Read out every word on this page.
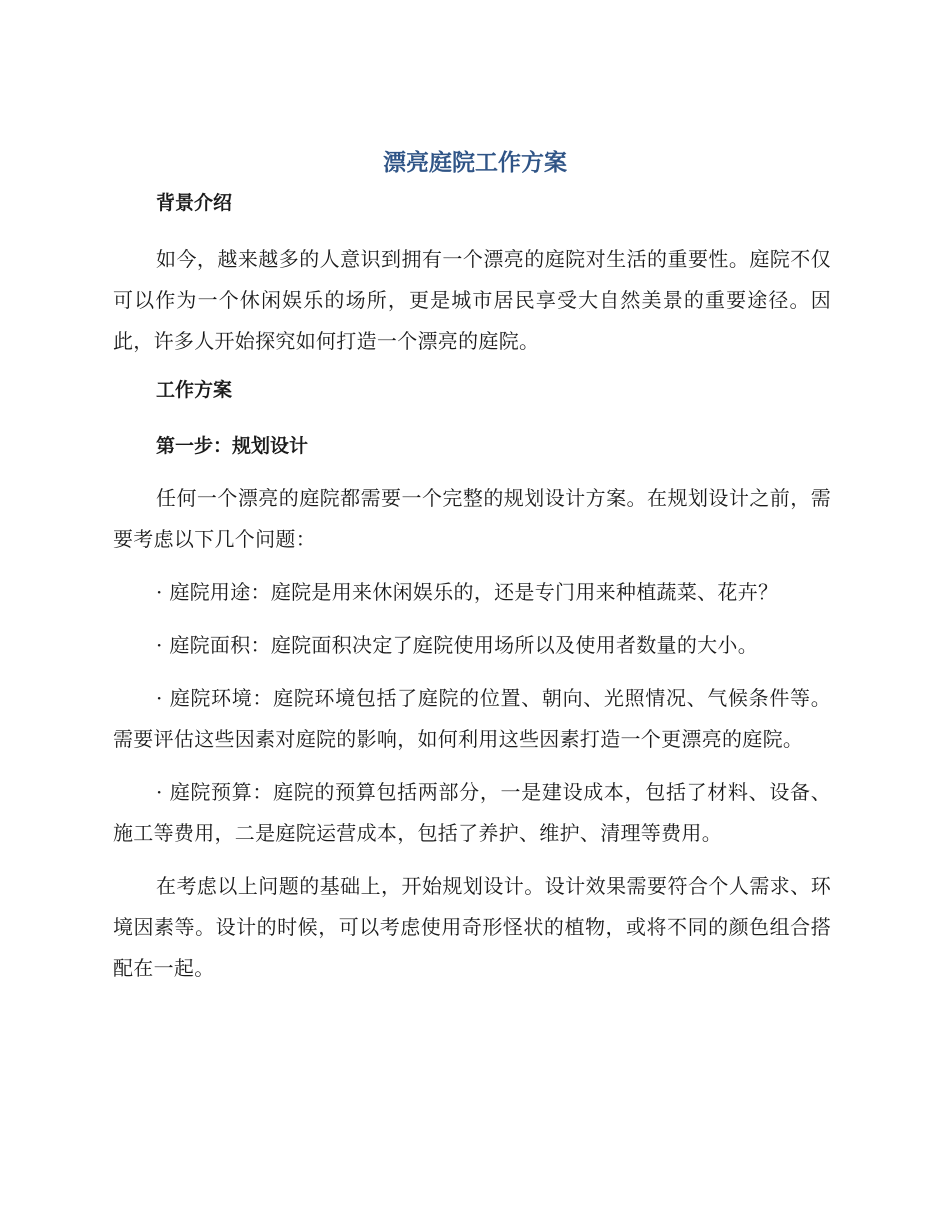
漂亮庭院工作方案
背景介绍

如今，越来越多的人意识到拥有一个漂亮的庭院对生活的重要性。庭院不仅可以作为一个休闲娱乐的场所，更是城市居民享受大自然美景的重要途径。因此，许多人开始探究如何打造一个漂亮的庭院。

工作方案
第一步：规划设计

任何一个漂亮的庭院都需要一个完整的规划设计方案。在规划设计之前，需要考虑以下几个问题：

· 庭院用途：庭院是用来休闲娱乐的，还是专门用来种植蔬菜、花卉？

· 庭院面积：庭院面积决定了庭院使用场所以及使用者数量的大小。

· 庭院环境：庭院环境包括了庭院的位置、朝向、光照情况、气候条件等。需要评估这些因素对庭院的影响，如何利用这些因素打造一个更漂亮的庭院。

· 庭院预算：庭院的预算包括两部分，一是建设成本，包括了材料、设备、施工等费用，二是庭院运营成本，包括了养护、维护、清理等费用。

在考虑以上问题的基础上，开始规划设计。设计效果需要符合个人需求、环境因素等。设计的时候，可以考虑使用奇形怪状的植物，或将不同的颜色组合搭配在一起。
